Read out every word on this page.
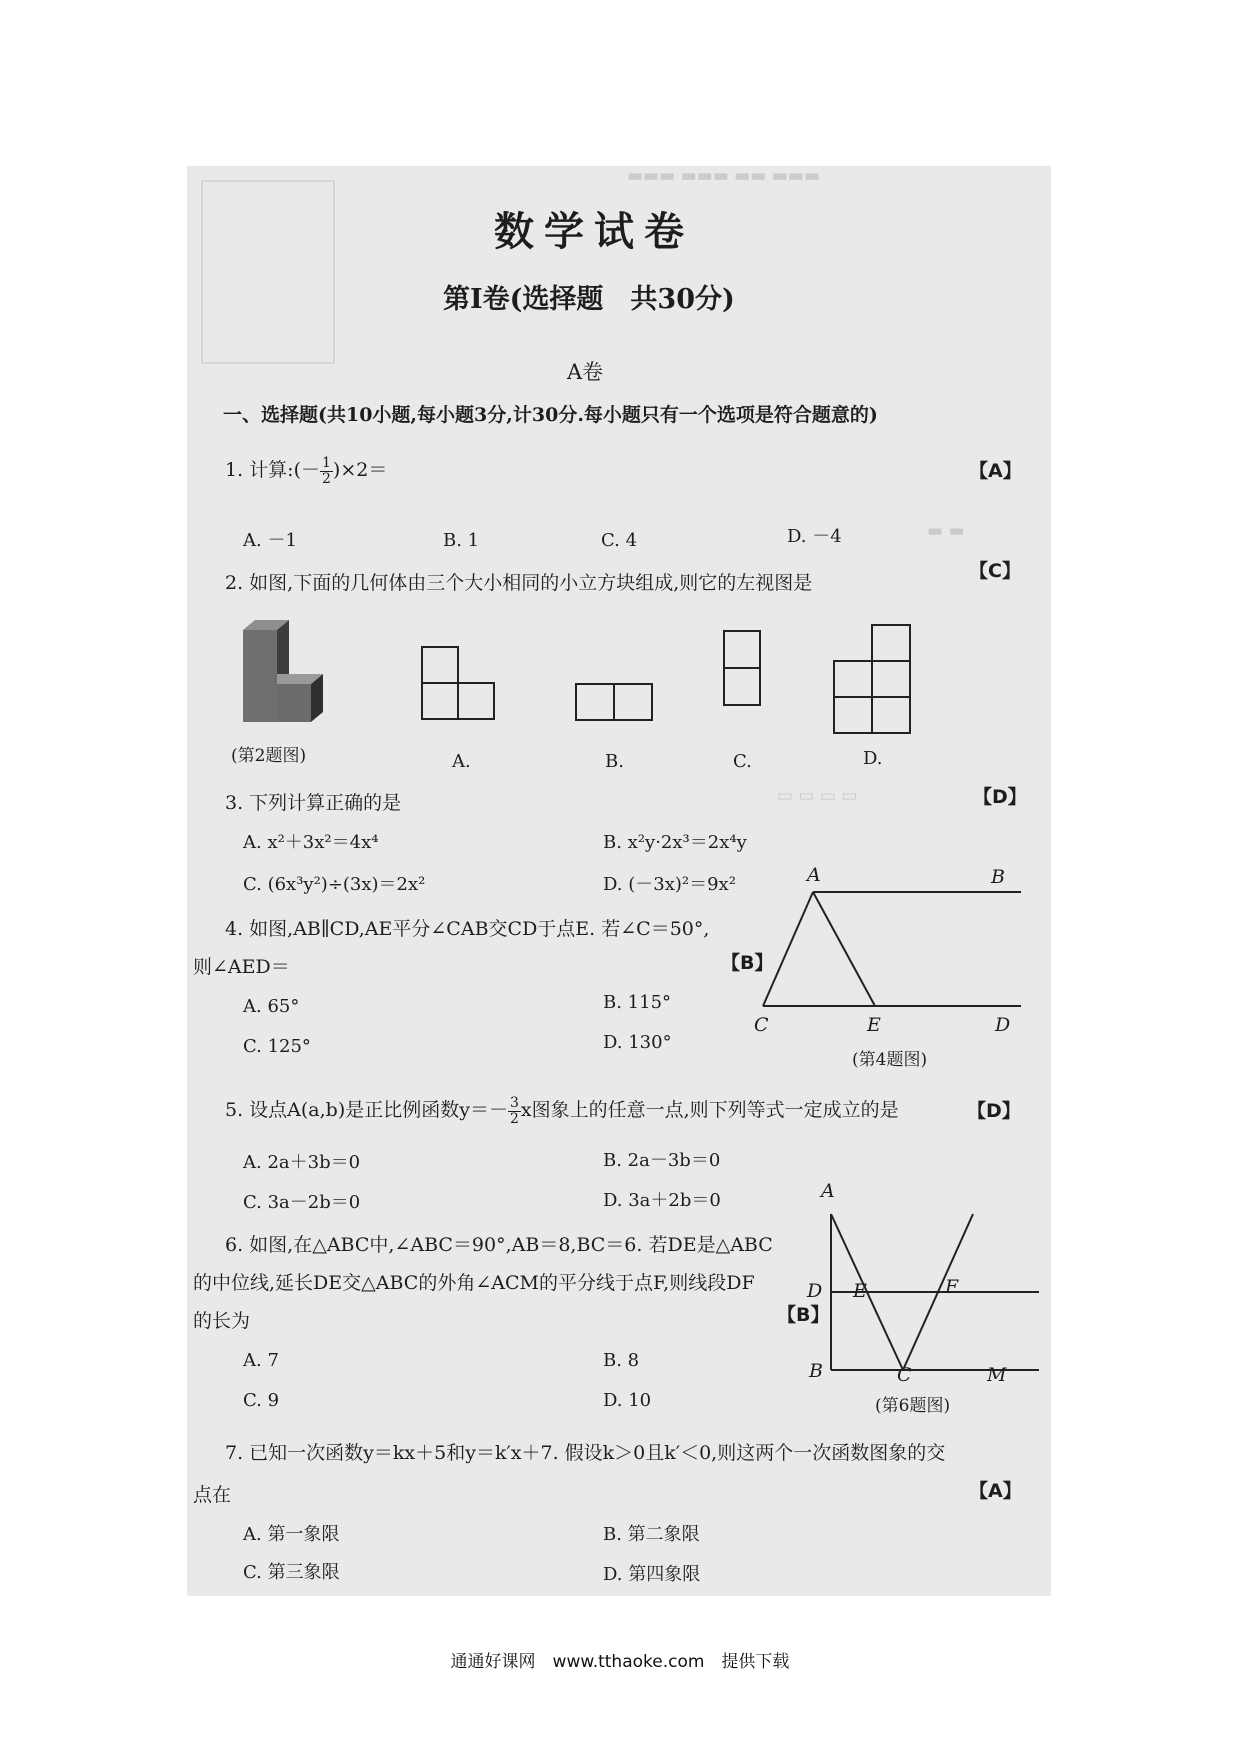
▬▬▬ ▬▬▬ ▬▬ ▬▬▬
▭ ▭ ▭ ▭
▬ ▬
数学试卷
第Ⅰ卷(选择题　共30分)
A卷
一、选择题(共10小题,每小题3分,计30分.每小题只有一个选项是符合题意的)
1. 计算:(－ $\frac{1}{2} )\times 2=$	【A】
A. －1	B. 1	C. 4	D. －4
2. 如图,下面的几何体由三个大小相同的小立方块组成,则它的左视图是
【C】
(第2题图)	A.	B.	C.	D.
3. 下列计算正确的是	【D】
A. x²＋3x²＝4x⁴	B. x²y·2x³＝2x⁴y
C. (6x³y²)÷(3x)＝2x²	D. (－3x)²＝9x²
4. 如图,AB∥CD,AE平分∠CAB交CD于点E. 若∠C＝50°,
则∠AED＝	【B】
A. 65°	B. 115°
C. 125°	D. 130°
A	B
C	E	D
(第4题图)
5. 设点A(a,b)是正比例函数$y=- \frac{3}{2}$ x图象上的任意一点,则下列等式一定成立的是	【D】
A. 2a＋3b＝0	B. 2a－3b＝0
C. 3a－2b＝0	D. 3a＋2b＝0
6. 如图,在△ABC中,∠ABC＝90°,AB＝8,BC＝6. 若DE是△ABC
的中位线,延长DE交△ABC的外角∠ACM的平分线于点F,则线段DF
的长为	【B】
A. 7	B. 8
C. 9	D. 10
A
D E	F
B	C	M
(第6题图)
7. 已知一次函数y＝kx＋5和y＝k′x＋7. 假设k＞0且k′＜0,则这两个一次函数图象的交
点在	【A】
A. 第一象限	B. 第二象限
C. 第三象限	D. 第四象限
通通好课网　www.tthaoke.com　提供下载
